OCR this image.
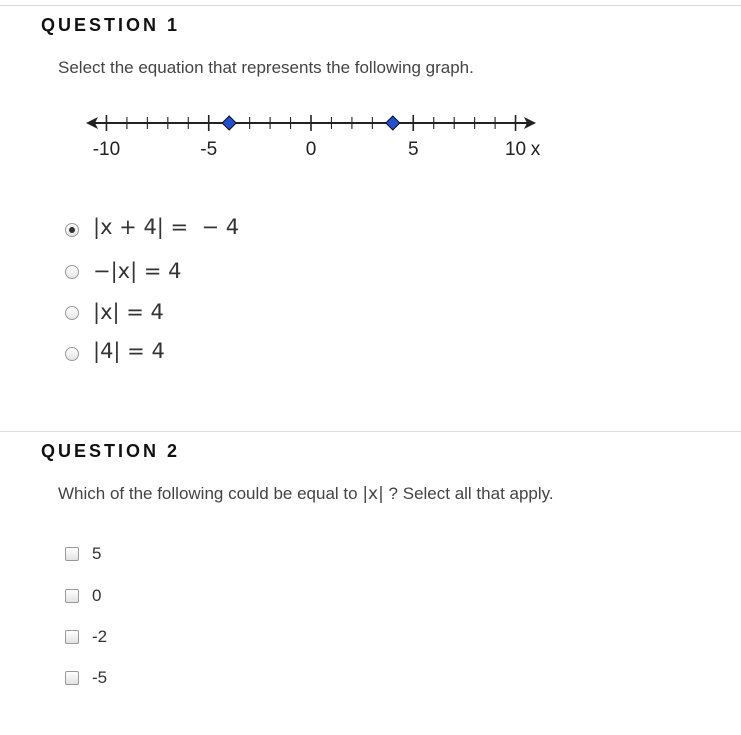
QUESTION 1
Select the equation that represents the following graph.
-10	-5	0	5	10 x
|x + 4| =  − 4
−|x| = 4
|x| = 4
|4| = 4
QUESTION 2
Which of the following could be equal to |x| ? Select all that apply.
5
0
-2
-5
